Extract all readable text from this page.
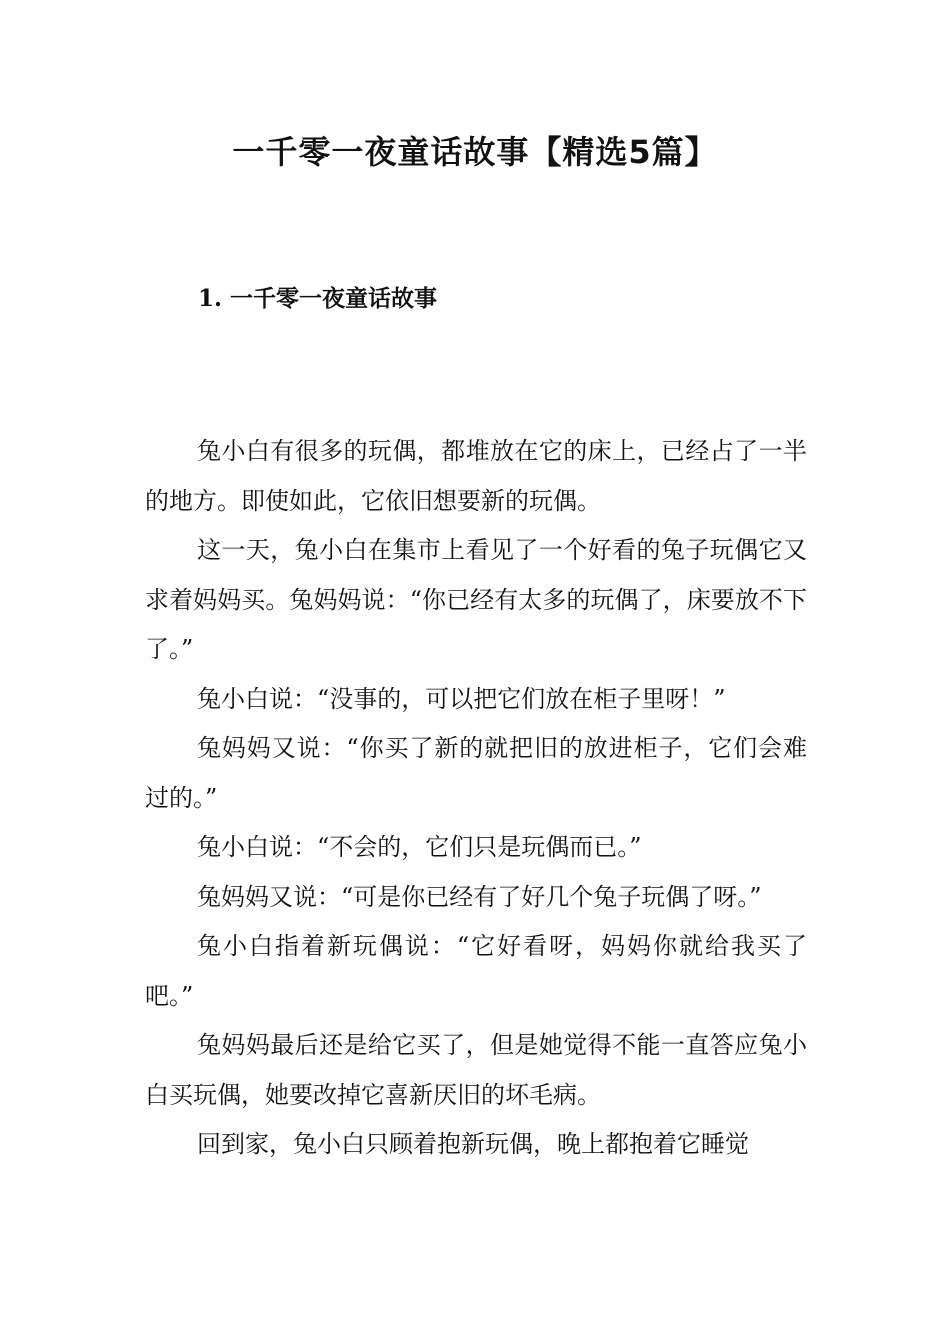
一千零一夜童话故事【精选5篇】
1. 一千零一夜童话故事

兔小白有很多的玩偶，都堆放在它的床上，已经占了一半的地方。即使如此，它依旧想要新的玩偶。

这一天，兔小白在集市上看见了一个好看的兔子玩偶它又求着妈妈买。兔妈妈说：“你已经有太多的玩偶了，床要放不下了。”

兔小白说：“没事的，可以把它们放在柜子里呀！”

兔妈妈又说：“你买了新的就把旧的放进柜子，它们会难过的。”

兔小白说：“不会的，它们只是玩偶而已。”

兔妈妈又说：“可是你已经有了好几个兔子玩偶了呀。”

兔小白指着新玩偶说：“它好看呀，妈妈你就给我买了吧。”

兔妈妈最后还是给它买了，但是她觉得不能一直答应兔小白买玩偶，她要改掉它喜新厌旧的坏毛病。

回到家，兔小白只顾着抱新玩偶，晚上都抱着它睡觉
